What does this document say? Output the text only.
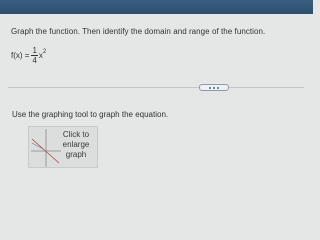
Graph the function. Then identify the domain and range of the function.
$f(x) = \frac{1}{4}$ x 2
Use the graphing tool to graph the equation.
Click to
enlarge
graph
